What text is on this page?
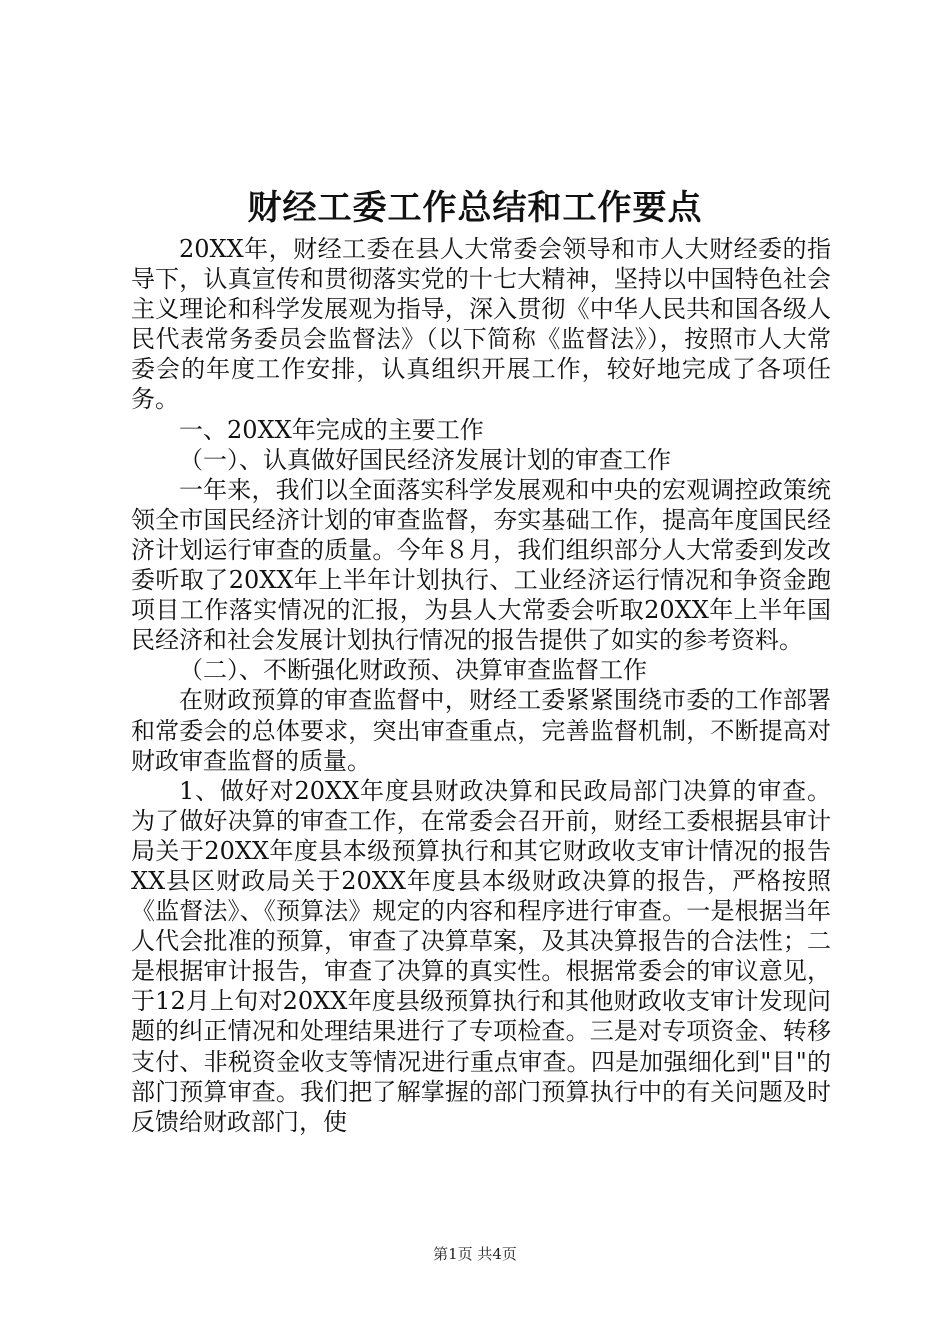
财经工委工作总结和工作要点

20XX年，财经工委在县人大常委会领导和市人大财经委的指导下，认真宣传和贯彻落实党的十七大精神，坚持以中国特色社会主义理论和科学发展观为指导，深入贯彻《中华人民共和国各级人民代表常务委员会监督法》（以下简称《监督法》），按照市人大常委会的年度工作安排，认真组织开展工作，较好地完成了各项任务。

一、20XX年完成的主要工作

（一）、认真做好国民经济发展计划的审查工作

一年来，我们以全面落实科学发展观和中央的宏观调控政策统领全市国民经济计划的审查监督，夯实基础工作，提高年度国民经济计划运行审查的质量。今年８月，我们组织部分人大常委到发改委听取了20XX年上半年计划执行、工业经济运行情况和争资金跑项目工作落实情况的汇报，为县人大常委会听取20XX年上半年国民经济和社会发展计划执行情况的报告提供了如实的参考资料。

（二）、不断强化财政预、决算审查监督工作

在财政预算的审查监督中，财经工委紧紧围绕市委的工作部署和常委会的总体要求，突出审查重点，完善监督机制，不断提高对财政审查监督的质量。

1、做好对20XX年度县财政决算和民政局部门决算的审查。为了做好决算的审查工作，在常委会召开前，财经工委根据县审计局关于20XX年度县本级预算执行和其它财政收支审计情况的报告XX县区财政局关于20XX年度县本级财政决算的报告，严格按照《监督法》、《预算法》规定的内容和程序进行审查。一是根据当年人代会批准的预算，审查了决算草案，及其决算报告的合法性；二是根据审计报告，审查了决算的真实性。根据常委会的审议意见，于12月上旬对20XX年度县级预算执行和其他财政收支审计发现问题的纠正情况和处理结果进行了专项检查。三是对专项资金、转移支付、非税资金收支等情况进行重点审查。四是加强细化到"目"的部门预算审查。我们把了解掌握的部门预算执行中的有关问题及时反馈给财政部门，使

第1页 共4页
